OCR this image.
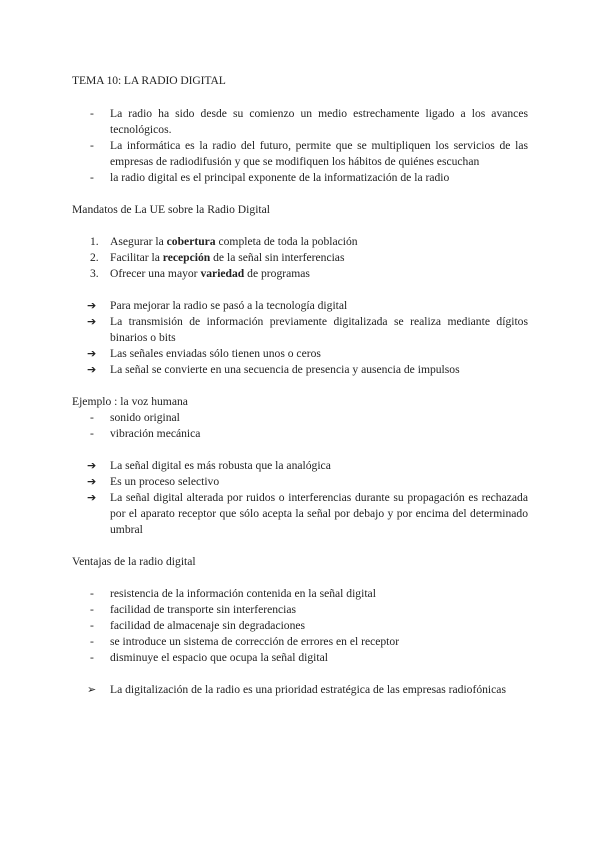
TEMA 10: LA RADIO DIGITAL
- La radio ha sido desde su comienzo un medio estrechamente ligado a los avances tecnológicos.
- La informática es la radio del futuro, permite que se multipliquen los servicios de las empresas de radiodifusión y que se modifiquen los hábitos de quiénes escuchan
- la radio digital es el principal exponente de la informatización de la radio
Mandatos de La UE sobre la Radio Digital
1. Asegurar la cobertura completa de toda la población
2. Facilitar la recepción de la señal sin interferencias
3. Ofrecer una mayor variedad de programas
➔ Para mejorar la radio se pasó a la tecnología digital
➔ La transmisión de información previamente digitalizada se realiza mediante dígitos binarios o bits
➔ Las señales enviadas sólo tienen unos o ceros
➔ La señal se convierte en una secuencia de presencia y ausencia de impulsos
Ejemplo : la voz humana
- sonido original
- vibración mecánica
➔ La señal digital es más robusta que la analógica
➔ Es un proceso selectivo
➔ La señal digital alterada por ruidos o interferencias durante su propagación es rechazada por el aparato receptor que sólo acepta la señal por debajo y por encima del determinado umbral
Ventajas de la radio digital
- resistencia de la información contenida en la señal digital
- facilidad de transporte sin interferencias
- facilidad de almacenaje sin degradaciones
- se introduce un sistema de corrección de errores en el receptor
- disminuye el espacio que ocupa la señal digital
➢ La digitalización de la radio es una prioridad estratégica de las empresas radiofónicas
